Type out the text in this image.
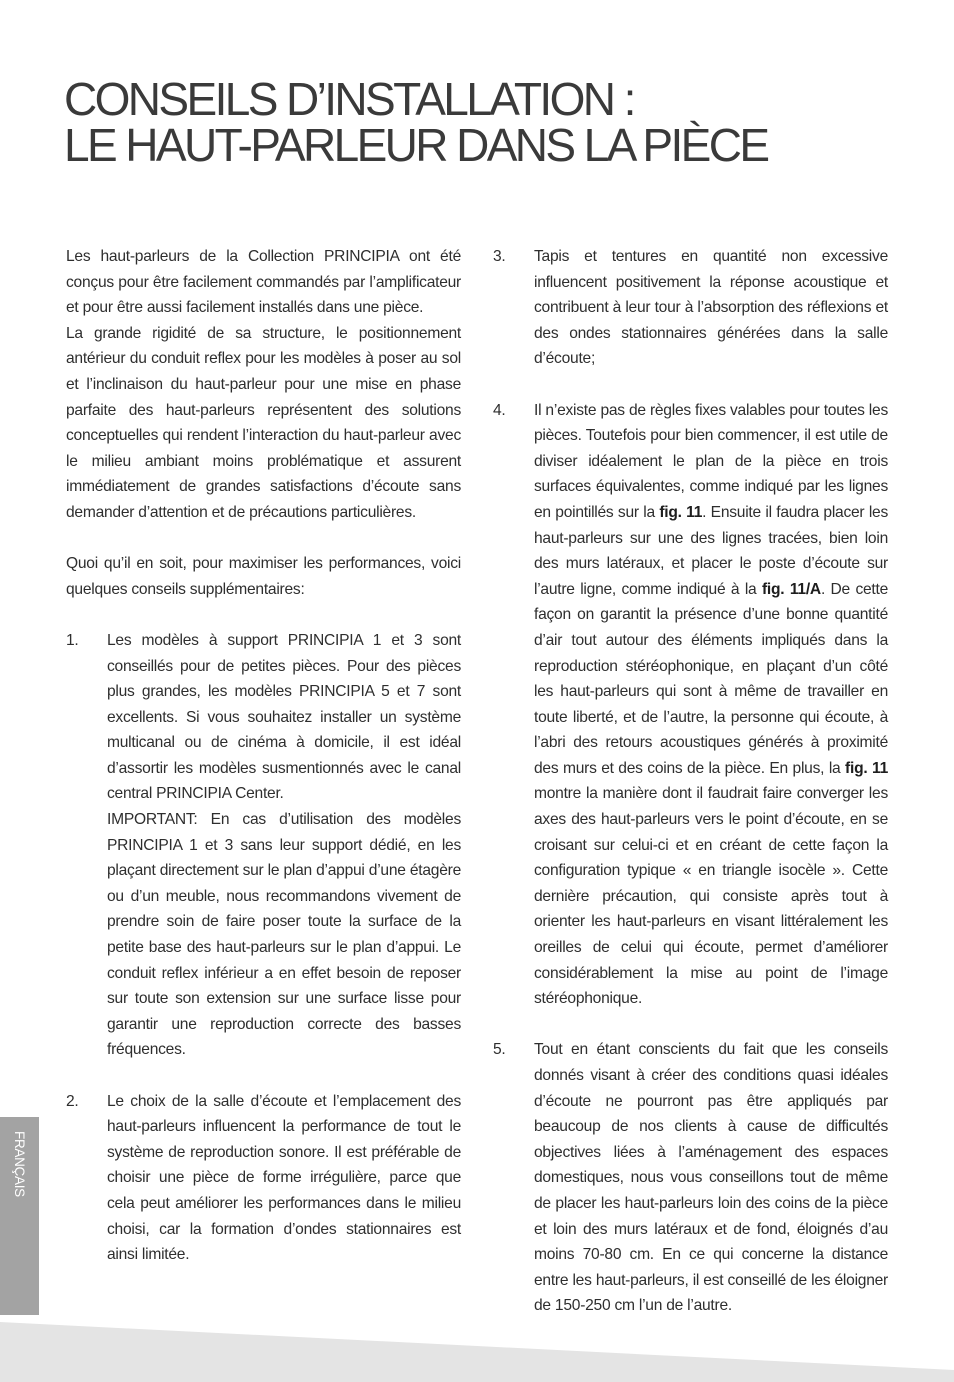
CONSEILS D’INSTALLATION :
LE HAUT-PARLEUR DANS LA PIÈCE

Les haut-parleurs de la Collection PRINCIPIA ont été conçus pour être facilement commandés par l’amplificateur et pour être aussi facilement installés dans une pièce.

La grande rigidité de sa structure, le positionnement antérieur du conduit reflex pour les modèles à poser au sol et l’inclinaison du haut-parleur pour une mise en phase parfaite des haut-parleurs représentent des solutions conceptuelles qui rendent l’interaction du haut-parleur avec le milieu ambiant moins problématique et assurent immédiatement de grandes satisfactions d’écoute sans demander d’attention et de précautions particulières.

Quoi qu’il en soit, pour maximiser les performances, voici quelques conseils supplémentaires:

1.	Les modèles à support PRINCIPIA 1 et 3 sont conseillés pour de petites pièces. Pour des pièces plus grandes, les modèles PRINCIPIA 5 et 7 sont excellents. Si vous souhaitez installer un système multicanal ou de cinéma à domicile, il est idéal d’assortir les modèles susmentionnés avec le canal central PRINCIPIA Center.

IMPORTANT: En cas d’utilisation des modèles PRINCIPIA 1 et 3 sans leur support dédié, en les plaçant directement sur le plan d’appui d’une étagère ou d’un meuble, nous recommandons vivement de prendre soin de faire poser toute la surface de la petite base des haut-parleurs sur le plan d’appui. Le conduit reflex inférieur a en effet besoin de reposer sur toute son extension sur une surface lisse pour garantir une reproduction correcte des basses fréquences.

2.	Le choix de la salle d’écoute et l’emplacement des haut-parleurs influencent la performance de tout le système de reproduction sonore. Il est préférable de choisir une pièce de forme irrégulière, parce que cela peut améliorer les performances dans le milieu choisi, car la formation d’ondes stationnaires est ainsi limitée.

3.	Tapis et tentures en quantité non excessive influencent positivement la réponse acoustique et contribuent à leur tour à l’absorption des réflexions et des ondes stationnaires générées dans la salle d’écoute;

4.	Il n’existe pas de règles fixes valables pour toutes les pièces. Toutefois pour bien commencer, il est utile de diviser idéalement le plan de la pièce en trois surfaces équivalentes, comme indiqué par les lignes en pointillés sur la fig. 11. Ensuite il faudra placer les haut-parleurs sur une des lignes tracées, bien loin des murs latéraux, et placer le poste d’écoute sur l’autre ligne, comme indiqué à la fig. 11/A. De cette façon on garantit la présence d’une bonne quantité d’air tout autour des éléments impliqués dans la reproduction stéréophonique, en plaçant d’un côté les haut-parleurs qui sont à même de travailler en toute liberté, et de l’autre, la personne qui écoute, à l’abri des retours acoustiques générés à proximité des murs et des coins de la pièce. En plus, la fig. 11 montre la manière dont il faudrait faire converger les axes des haut-parleurs vers le point d’écoute, en se croisant sur celui-ci et en créant de cette façon la configuration typique « en triangle isocèle ». Cette dernière précaution, qui consiste après tout à orienter les haut-parleurs en visant littéralement les oreilles de celui qui écoute, permet d’améliorer considérablement la mise au point de l’image stéréophonique.

5.	Tout en étant conscients du fait que les conseils donnés visant à créer des conditions quasi idéales d’écoute ne pourront pas être appliqués par beaucoup de nos clients à cause de difficultés objectives liées à l’aménagement des espaces domestiques, nous vous conseillons tout de même de placer les haut-parleurs loin des coins de la pièce et loin des murs latéraux et de fond, éloignés d’au moins 70-80 cm. En ce qui concerne la distance entre les haut-parleurs, il est conseillé de les éloigner de 150-250 cm l’un de l’autre.

FRANÇAIS
